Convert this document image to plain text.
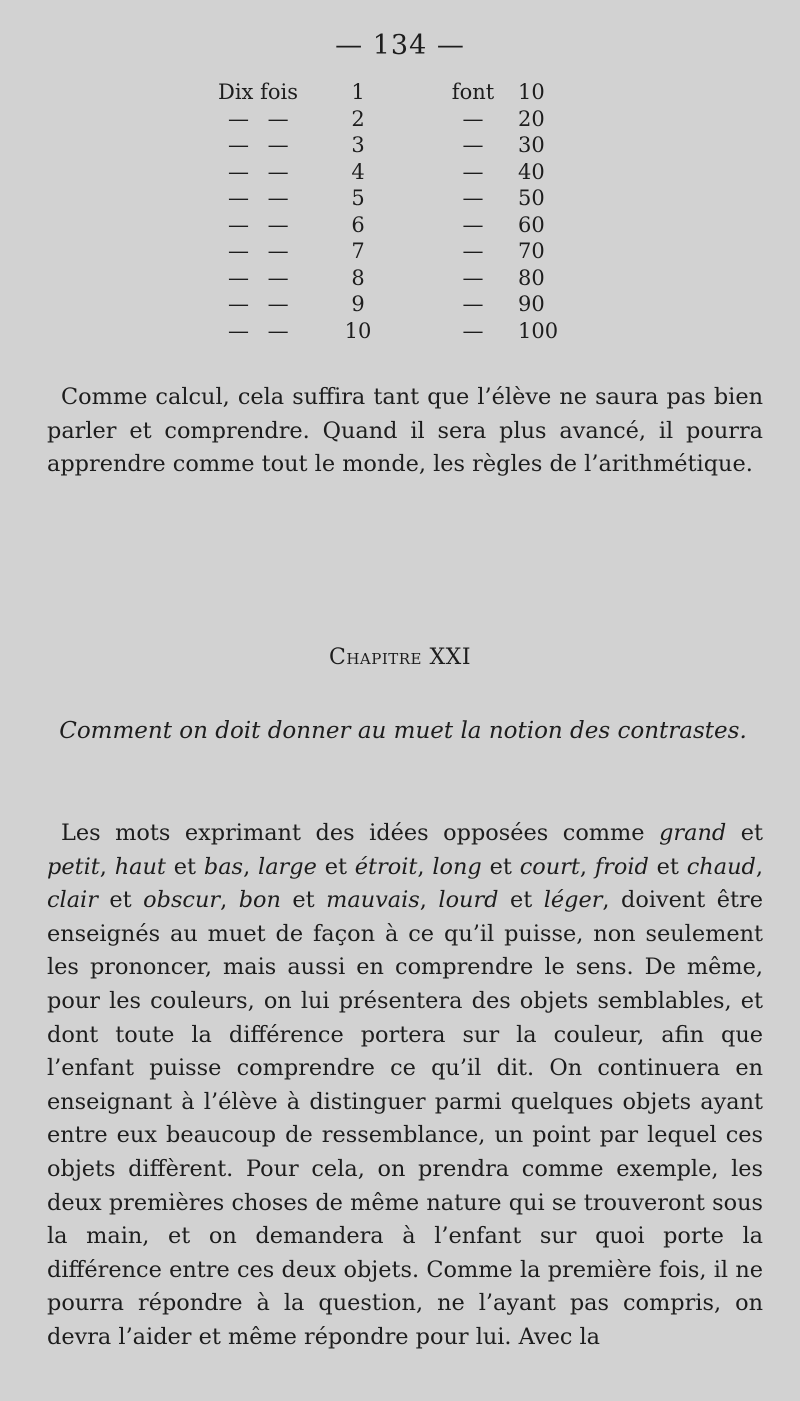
— 134 —
Dix fois	1	font	10
— —	2	—	20
— —	3	—	30
— —	4	—	40
— —	5	—	50
— —	6	—	60
— —	7	—	70
— —	8	—	80
— —	9	—	90
— —	10	—	100

Comme calcul, cela suffira tant que l’élève ne saura pas bien parler et comprendre. Quand il sera plus avancé, il pourra apprendre comme tout le monde, les règles de l’arithmétique.

Chapitre XXI
Comment on doit donner au muet la notion des contrastes.

Les mots exprimant des idées opposées comme grand et petit, haut et bas, large et étroit, long et court, froid et chaud, clair et obscur, bon et mauvais, lourd et léger, doivent être enseignés au muet de façon à ce qu’il puisse, non seulement les prononcer, mais aussi en comprendre le sens. De même, pour les couleurs, on lui présentera des objets semblables, et dont toute la différence portera sur la couleur, afin que l’enfant puisse comprendre ce qu’il dit. On continuera en enseignant à l’élève à distinguer parmi quelques objets ayant entre eux beaucoup de ressemblance, un point par lequel ces objets diffèrent. Pour cela, on prendra comme exemple, les deux premières choses de même nature qui se trouveront sous la main, et on demandera à l’enfant sur quoi porte la différence entre ces deux objets. Comme la première fois, il ne pourra répondre à la question, ne l’ayant pas compris, on devra l’aider et même répondre pour lui. Avec la
